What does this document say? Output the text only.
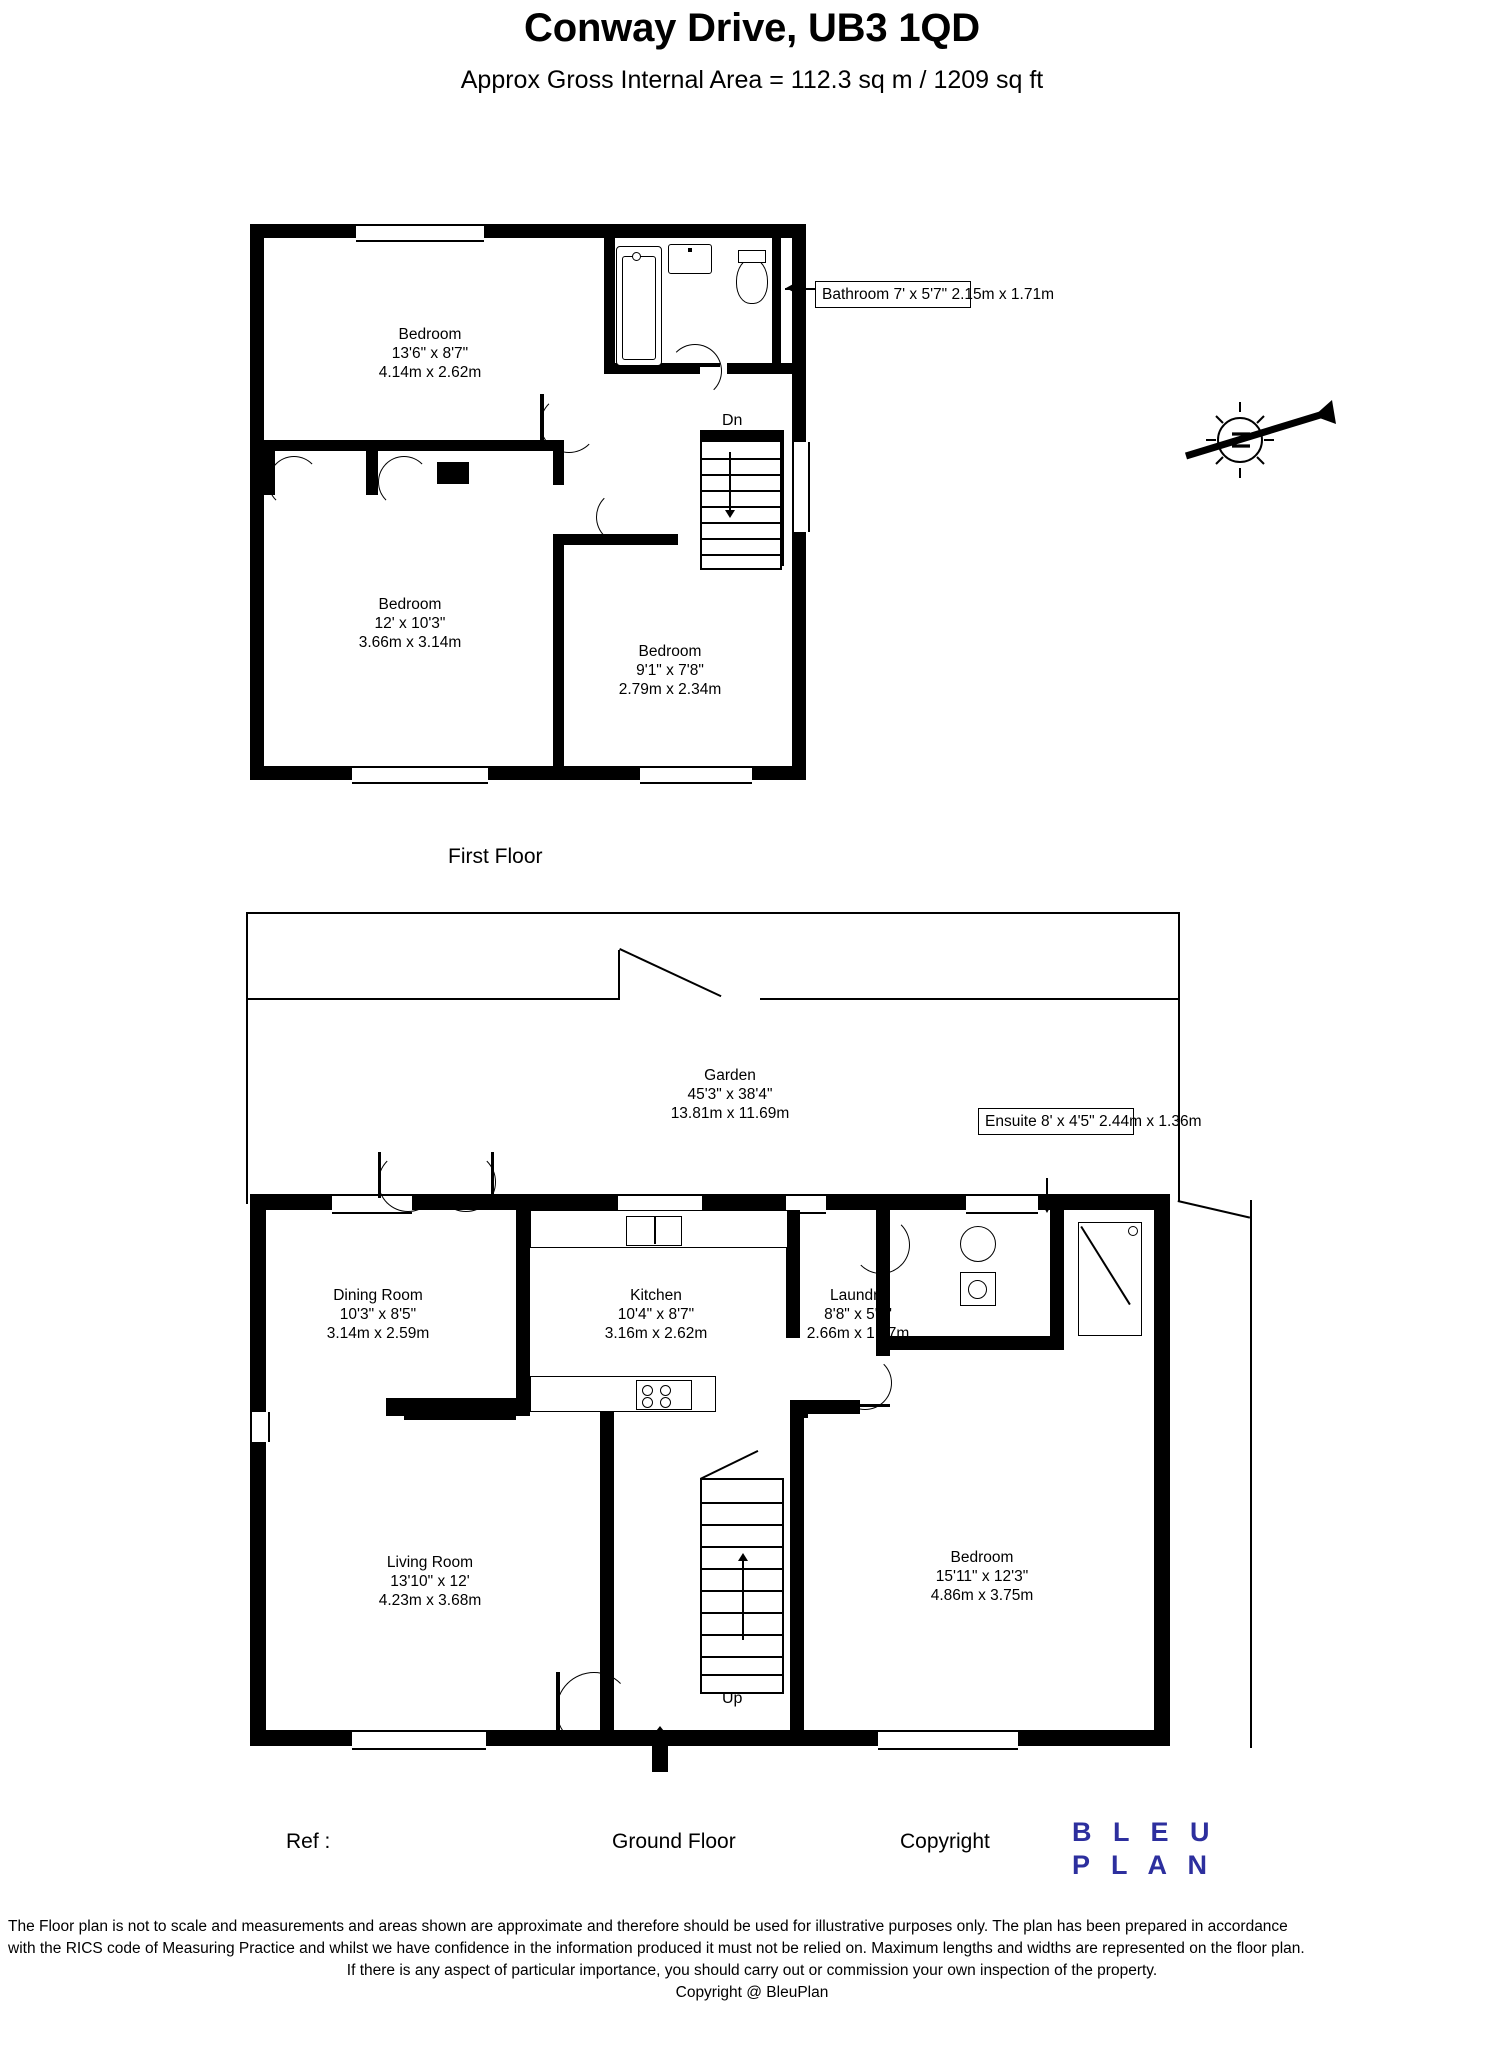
Conway Drive, UB3 1QD
Approx Gross Internal Area = 112.3 sq m / 1209 sq ft
Dn
Bedroom
13'6" x 8'7"
4.14m x 2.62m
Bedroom
12' x 10'3"
3.66m x 3.14m
Bedroom
9'1" x 7'8"
2.79m x 2.34m
Bathroom 7' x 5'7" 2.15m x 1.71m
First Floor
N
Garden
45'3" x 38'4"
13.81m x 11.69m
Up
Dining Room
10'3" x 8'5"
3.14m x 2.59m
Kitchen
10'4" x 8'7"
3.16m x 2.62m
Laundry
8'8" x 5'9"
2.66m x 1.77m
Living Room
13'10" x 12'
4.23m x 3.68m
Bedroom
15'11" x 12'3"
4.86m x 3.75m
Ensuite 8' x 4'5" 2.44m x 1.36m
Ground Floor
Ref :	Copyright	B L E U
P L A N
The Floor plan is not to scale and measurements and areas shown are approximate and therefore should be used for illustrative purposes only. The plan has been prepared in accordance
with the RICS code of Measuring Practice and whilst we have confidence in the information produced it must not be relied on. Maximum lengths and widths are represented on the floor plan.
If there is any aspect of particular importance, you should carry out or commission your own inspection of the property.
Copyright @ BleuPlan
